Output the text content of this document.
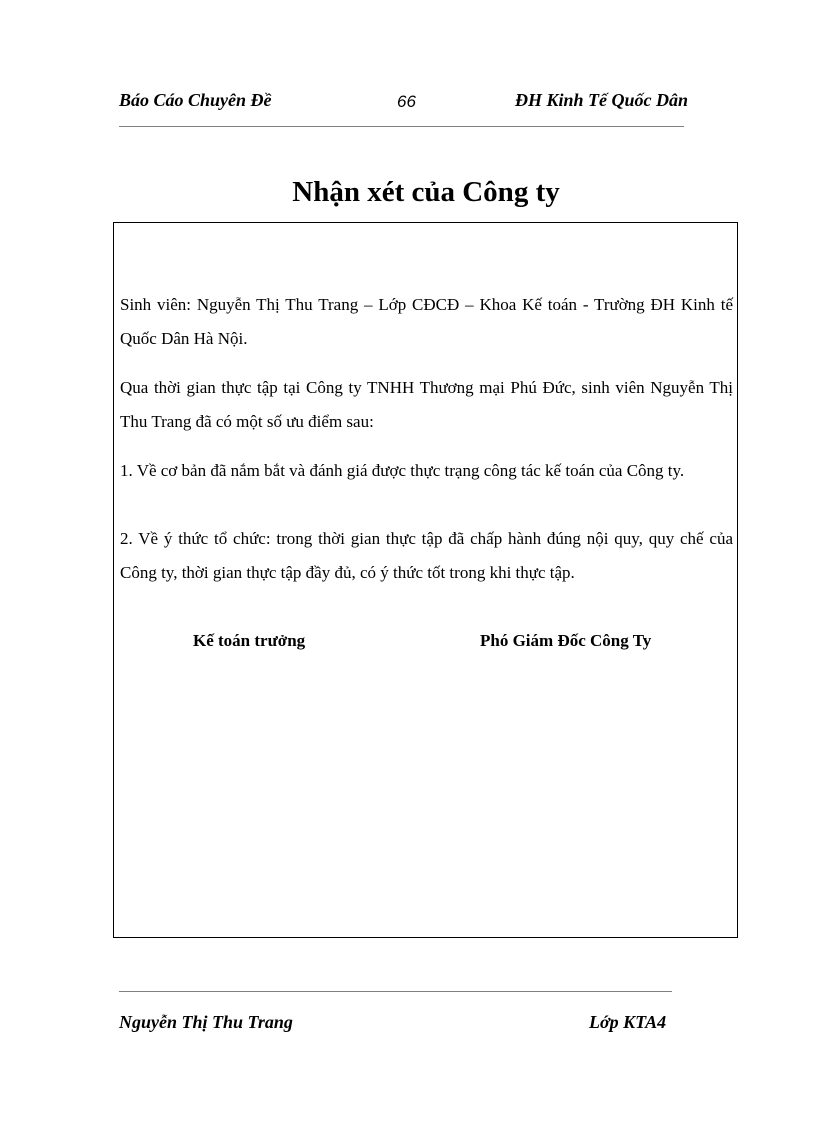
Báo Cáo Chuyên Đề	66	ĐH Kinh Tế Quốc Dân
Nhận xét của Công ty
Sinh viên: Nguyễn Thị Thu Trang – Lớp CĐCĐ – Khoa Kế toán - Trường ĐH Kinh tế Quốc Dân Hà Nội.
Qua thời gian thực tập tại Công ty TNHH Thương mại Phú Đức, sinh viên Nguyễn Thị Thu Trang đã có một số ưu điểm sau:
1. Về cơ bản đã nắm bắt và đánh giá được thực trạng công tác kế toán của Công ty.
2. Về ý thức tổ chức: trong thời gian thực tập đã chấp hành đúng nội quy, quy chế của Công ty, thời gian thực tập đầy đủ, có ý thức tốt trong khi thực tập.
Kế toán trưởng	Phó Giám Đốc Công Ty
Nguyễn Thị Thu Trang	Lớp KTA4
